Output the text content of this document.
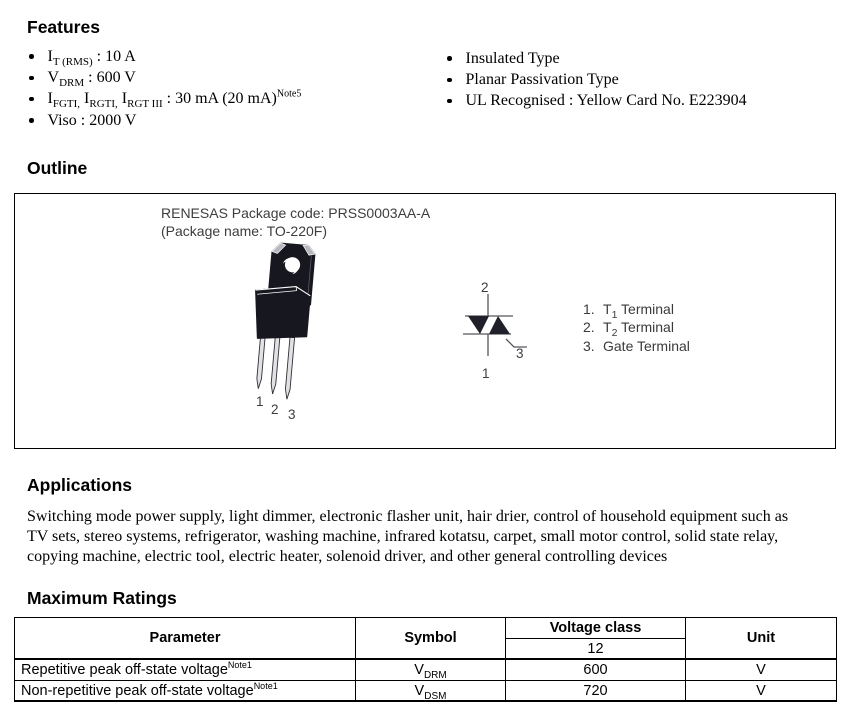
Features
$I_{T (RMS)}$ : 10 A
$V_{DRM}$ : 600 V
$I_{FGTI,}$ $I_{RGTI,}$ $I_{RGT III}$ : 30 mA (20 mA)$^{Note5}$
Viso : 2000 V
Insulated Type
Planar Passivation Type
UL Recognised : Yellow Card No. E223904
Outline
RENESAS Package code: PRSS0003AA-A
(Package name: TO-220F)
1
2 3
2
1
3
1. $T_1$ Terminal
2. $T_2$ Terminal
3. Gate Terminal
Applications
Switching mode power supply, light dimmer, electronic flasher unit, hair drier, control of household equipment such as
TV sets, stereo systems, refrigerator, washing machine, infrared kotatsu, carpet, small motor control, solid state relay,
copying machine, electric tool, electric heater, solenoid driver, and other general controlling devices
Maximum Ratings
Parameter	Symbol	Voltage class	Unit
		12	
Repetitive peak off-state voltage$^{Note1}$	$V_{DRM}$	600	V
Non-repetitive peak off-state voltage$^{Note1}$	$V_{DSM}$	720	V
